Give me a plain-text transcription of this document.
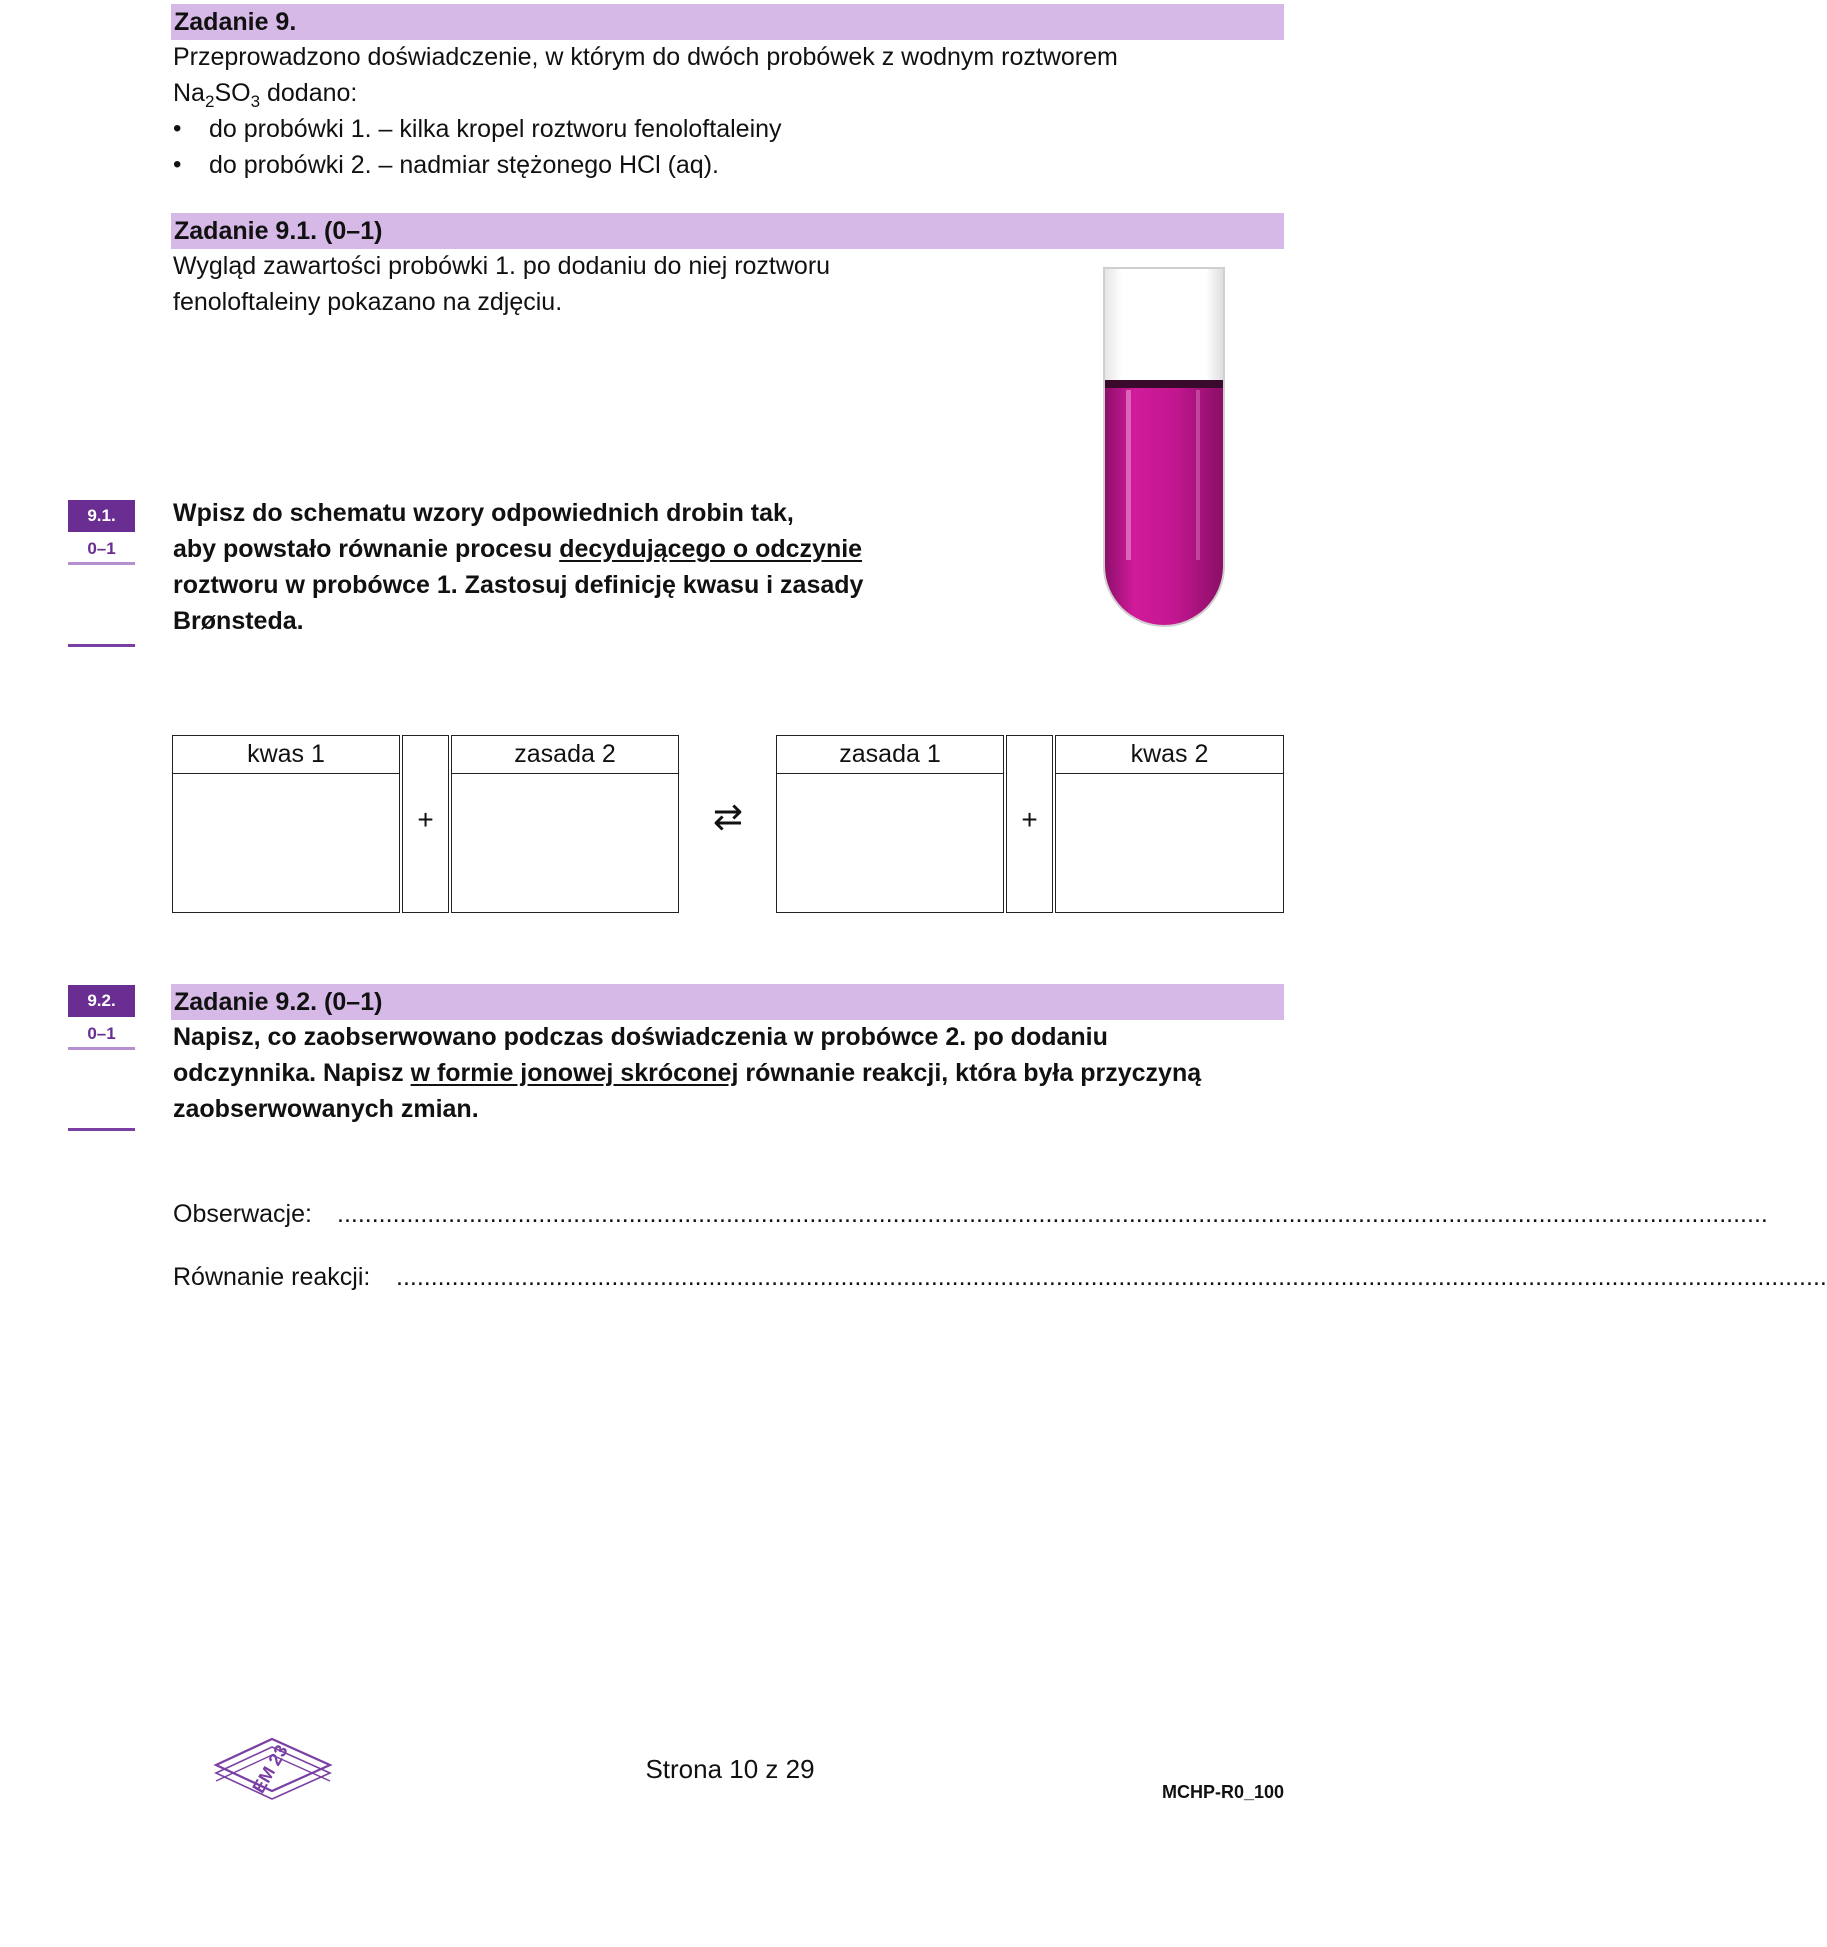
Zadanie 9.
Przeprowadzono doświadczenie, w którym do dwóch probówek z wodnym roztworem
$Na_2SO_3$ dodano:
• do probówki 1. – kilka kropel roztworu fenoloftaleiny
• do probówki 2. – nadmiar stężonego HCl (aq).
Zadanie 9.1. (0–1)
Wygląd zawartości probówki 1. po dodaniu do niej roztworu
fenoloftaleiny pokazano na zdjęciu.
9.1.
0–1
Wpisz do schematu wzory odpowiednich drobin tak,
aby powstało równanie procesu decydującego o odczynie
roztworu w probówce 1. Zastosuj definicję kwasu i zasady
Brønsteda.
kwas 1
+
zasada 2
⇄
zasada 1
+
kwas 2
9.2.
0–1
Zadanie 9.2. (0–1)
Napisz, co zaobserwowano podczas doświadczenia w probówce 2. po dodaniu
odczynnika. Napisz w formie jonowej skróconej równanie reakcji, która była przyczyną
zaobserwowanych zmian.
Obserwacje: ..............................................................................................................................................................................................................
Równanie reakcji: ..............................................................................................................................................................................................................
EM 23	Strona 10 z 29
MCHP-R0_100
